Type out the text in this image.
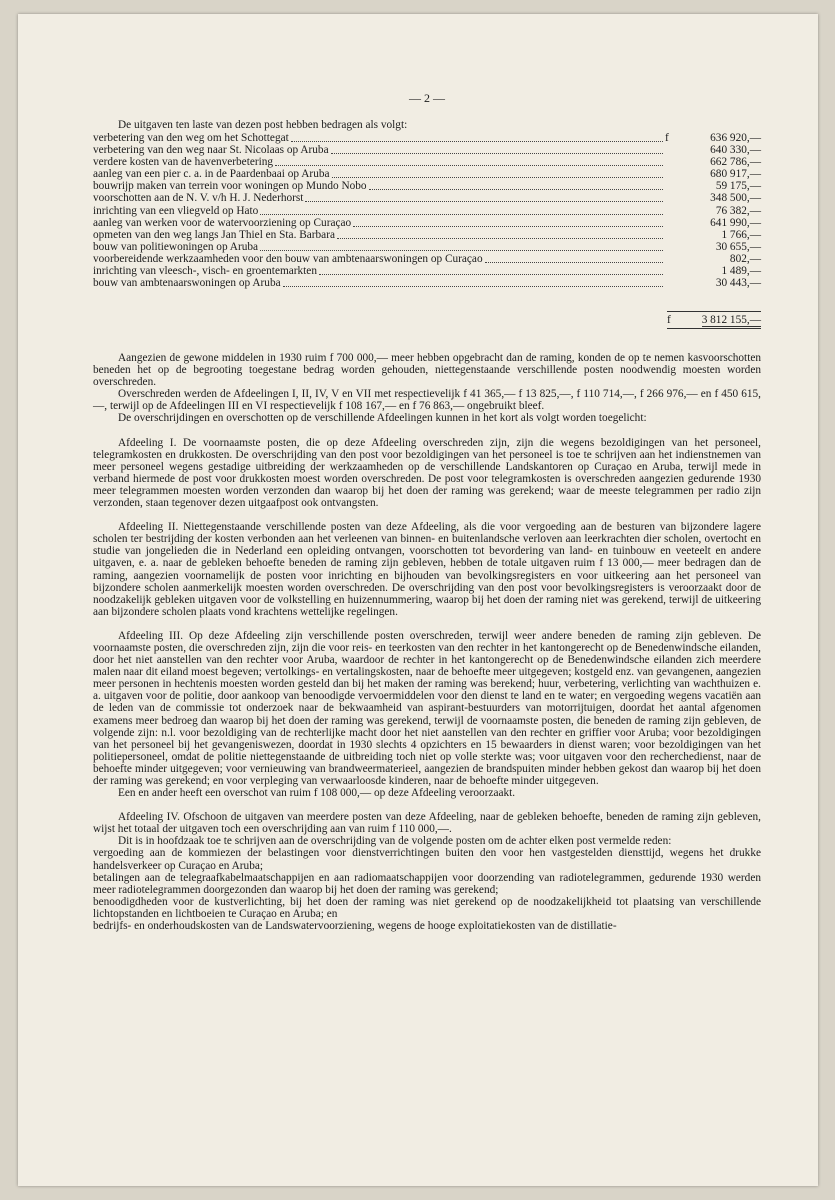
— 2 —
De uitgaven ten laste van dezen post hebben bedragen als volgt:
verbetering van den weg om het Schottegat	f	636 920,—
verbetering van den weg naar St. Nicolaas op Aruba	640 330,—
verdere kosten van de havenverbetering	662 786,—
aanleg van een pier c. a. in de Paardenbaai op Aruba	680 917,—
bouwrijp maken van terrein voor woningen op Mundo Nobo	59 175,—
voorschotten aan de N. V. v/h H. J. Nederhorst	348 500,—
inrichting van een vliegveld op Hato	76 382,—
aanleg van werken voor de watervoorziening op Curaçao	641 990,—
opmeten van den weg langs Jan Thiel en Sta. Barbara	1 766,—
bouw van politiewoningen op Aruba	30 655,—
voorbereidende werkzaamheden voor den bouw van ambtenaarswoningen op Curaçao	802,—
inrichting van vleesch-, visch- en groentemarkten	1 489,—
bouw van ambtenaarswoningen op Aruba	30 443,—
f	3 812 155,—

Aangezien de gewone middelen in 1930 ruim f 700 000,— meer hebben opgebracht dan de raming, konden de op te nemen kasvoorschotten beneden het op de begrooting toegestane bedrag worden gehouden, niettegenstaande verschillende posten noodwendig moesten worden overschreden.

Overschreden werden de Afdeelingen I, II, IV, V en VII met respectievelijk f 41 365,— f 13 825,—, f 110 714,—, f 266 976,— en f 450 615,—, terwijl op de Afdeelingen III en VI respectievelijk f 108 167,— en f 76 863,— ongebruikt bleef.

De overschrijdingen en overschotten op de verschillende Afdeelingen kunnen in het kort als volgt worden toegelicht:

Afdeeling I. De voornaamste posten, die op deze Afdeeling overschreden zijn, zijn die wegens bezoldigingen van het personeel, telegramkosten en drukkosten. De overschrijding van den post voor bezoldigingen van het personeel is toe te schrijven aan het indienstnemen van meer personeel wegens gestadige uitbreiding der werkzaamheden op de verschillende Landskantoren op Curaçao en Aruba, terwijl mede in verband hiermede de post voor drukkosten moest worden overschreden. De post voor telegramkosten is overschreden aangezien gedurende 1930 meer telegrammen moesten worden verzonden dan waarop bij het doen der raming was gerekend; waar de meeste telegrammen per radio zijn verzonden, staan tegenover dezen uitgaafpost ook ontvangsten.

Afdeeling II. Niettegenstaande verschillende posten van deze Afdeeling, als die voor vergoeding aan de besturen van bijzondere lagere scholen ter bestrijding der kosten verbonden aan het verleenen van binnen- en buitenlandsche verloven aan leerkrachten dier scholen, overtocht en studie van jongelieden die in Nederland een opleiding ontvangen, voorschotten tot bevordering van land- en tuinbouw en veeteelt en andere uitgaven, e. a. naar de gebleken behoefte beneden de raming zijn gebleven, hebben de totale uitgaven ruim f 13 000,— meer bedragen dan de raming, aangezien voornamelijk de posten voor inrichting en bijhouden van bevolkingsregisters en voor uitkeering aan het personeel van bijzondere scholen aanmerkelijk moesten worden overschreden. De overschrijding van den post voor bevolkingsregisters is veroorzaakt door de noodzakelijk gebleken uitgaven voor de volkstelling en huizennummering, waarop bij het doen der raming niet was gerekend, terwijl de uitkeering aan bijzondere scholen plaats vond krachtens wettelijke regelingen.

Afdeeling III. Op deze Afdeeling zijn verschillende posten overschreden, terwijl weer andere beneden de raming zijn gebleven. De voornaamste posten, die overschreden zijn, zijn die voor reis- en teerkosten van den rechter in het kantongerecht op de Benedenwindsche eilanden, door het niet aanstellen van den rechter voor Aruba, waardoor de rechter in het kantongerecht op de Benedenwindsche eilanden zich meerdere malen naar dit eiland moest begeven; vertolkings- en vertalingskosten, naar de behoefte meer uitgegeven; kostgeld enz. van gevangenen, aangezien meer personen in hechtenis moesten worden gesteld dan bij het maken der raming was berekend; huur, verbetering, verlichting van wachthuizen e. a. uitgaven voor de politie, door aankoop van benoodigde vervoermiddelen voor den dienst te land en te water; en vergoeding wegens vacatiën aan de leden van de commissie tot onderzoek naar de bekwaamheid van aspirant-bestuurders van motorrijtuigen, doordat het aantal afgenomen examens meer bedroeg dan waarop bij het doen der raming was gerekend, terwijl de voornaamste posten, die beneden de raming zijn gebleven, de volgende zijn: n.l. voor bezoldiging van de rechterlijke macht door het niet aanstellen van den rechter en griffier voor Aruba; voor bezoldigingen van het personeel bij het gevangeniswezen, doordat in 1930 slechts 4 opzichters en 15 bewaarders in dienst waren; voor bezoldigingen van het politiepersoneel, omdat de politie niettegenstaande de uitbreiding toch niet op volle sterkte was; voor uitgaven voor den recherchedienst, naar de behoefte minder uitgegeven; voor vernieuwing van brandweermaterieel, aangezien de brandspuiten minder hebben gekost dan waarop bij het doen der raming was gerekend; en voor verpleging van verwaarloosde kinderen, naar de behoefte minder uitgegeven.

Een en ander heeft een overschot van ruim f 108 000,— op deze Afdeeling veroorzaakt.

Afdeeling IV. Ofschoon de uitgaven van meerdere posten van deze Afdeeling, naar de gebleken behoefte, beneden de raming zijn gebleven, wijst het totaal der uitgaven toch een overschrijding aan van ruim f 110 000,—.

Dit is in hoofdzaak toe te schrijven aan de overschrijding van de volgende posten om de achter elken post vermelde reden:

vergoeding aan de kommiezen der belastingen voor dienstverrichtingen buiten den voor hen vastgestelden diensttijd, wegens het drukke handelsverkeer op Curaçao en Aruba;

betalingen aan de telegraafkabelmaatschappijen en aan radiomaatschappijen voor doorzending van radiotelegrammen, gedurende 1930 werden meer radiotelegrammen doorgezonden dan waarop bij het doen der raming was gerekend;

benoodigdheden voor de kustverlichting, bij het doen der raming was niet gerekend op de noodzakelijkheid tot plaatsing van verschillende lichtopstanden en lichtboeien te Curaçao en Aruba; en

bedrijfs- en onderhoudskosten van de Landswatervoorziening, wegens de hooge exploitatiekosten van de distillatie-
